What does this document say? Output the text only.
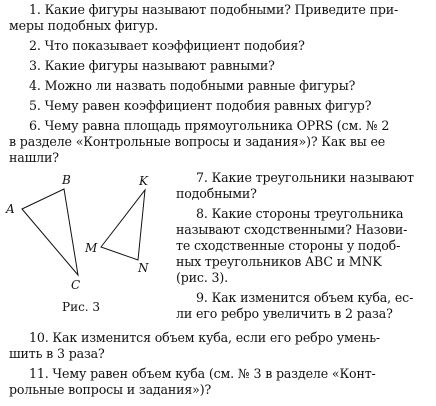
1. Какие фигуры называют подобными? Приведите при-
меры подобных фигур.
2. Что показывает коэффициент подобия?
3. Какие фигуры называют равными?
4. Можно ли назвать подобными равные фигуры?
5. Чему равен коэффициент подобия равных фигур?
6. Чему равна площадь прямоугольника OPRS (см. № 2
в разделе «Контрольные вопросы и задания»)? Как вы ее
нашли?
7. Какие треугольники называют
подобными?
8. Какие стороны треугольника
называют сходственными? Назови-
те сходственные стороны у подоб-
ных треугольников ABC и MNK
(рис. 3).
9. Как изменится объем куба, ес-
ли его ребро увеличить в 2 раза?
10. Как изменится объем куба, если его ребро умень-
шить в 3 раза?
11. Чему равен объем куба (см. № 3 в разделе «Конт-
рольные вопросы и задания»)?
A
B
C
K
M
N
Рис. 3
